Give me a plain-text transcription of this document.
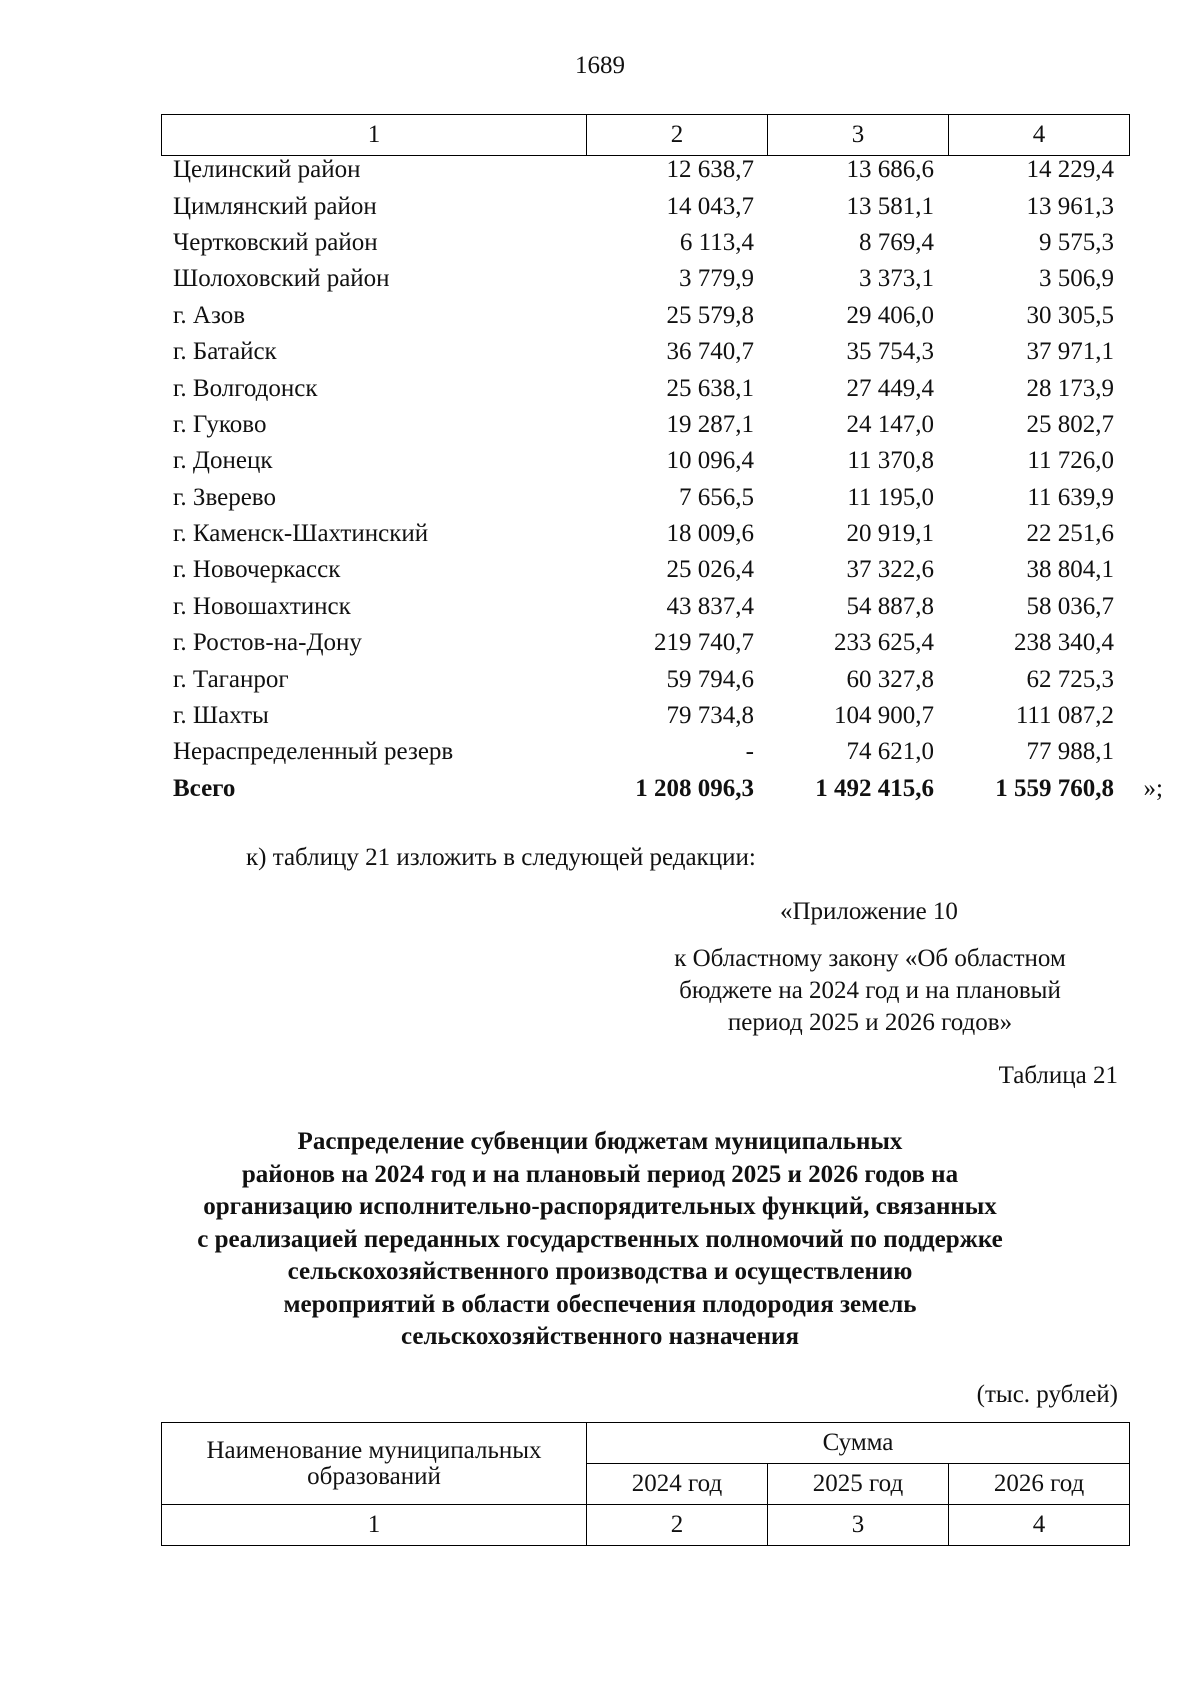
1689
1	2	3	4
Целинский район	12 638,7	13 686,6	14 229,4
Цимлянский район	14 043,7	13 581,1	13 961,3
Чертковский район	6 113,4	8 769,4	9 575,3
Шолоховский район	3 779,9	3 373,1	3 506,9
г. Азов	25 579,8	29 406,0	30 305,5
г. Батайск	36 740,7	35 754,3	37 971,1
г. Волгодонск	25 638,1	27 449,4	28 173,9
г. Гуково	19 287,1	24 147,0	25 802,7
г. Донецк	10 096,4	11 370,8	11 726,0
г. Зверево	7 656,5	11 195,0	11 639,9
г. Каменск-Шахтинский	18 009,6	20 919,1	22 251,6
г. Новочеркасск	25 026,4	37 322,6	38 804,1
г. Новошахтинск	43 837,4	54 887,8	58 036,7
г. Ростов-на-Дону	219 740,7	233 625,4	238 340,4
г. Таганрог	59 794,6	60 327,8	62 725,3
г. Шахты	79 734,8	104 900,7	111 087,2
Нераспределенный резерв	-	74 621,0	77 988,1
Всего	1 208 096,3	1 492 415,6	1 559 760,8	»;
к) таблицу 21 изложить в следующей редакции:
«Приложение 10
к Областному закону «Об областном
бюджете на 2024 год и на плановый
период 2025 и 2026 годов»
Таблица 21
Распределение субвенции бюджетам муниципальных
районов на 2024 год и на плановый период 2025 и 2026 годов на
организацию исполнительно-распорядительных функций, связанных
с реализацией переданных государственных полномочий по поддержке
сельскохозяйственного производства и осуществлению
мероприятий в области обеспечения плодородия земель
сельскохозяйственного назначения
(тыс. рублей)
Наименование муниципальных образований	Сумма		
	2024 год	2025 год	2026 год
1	2	3	4
